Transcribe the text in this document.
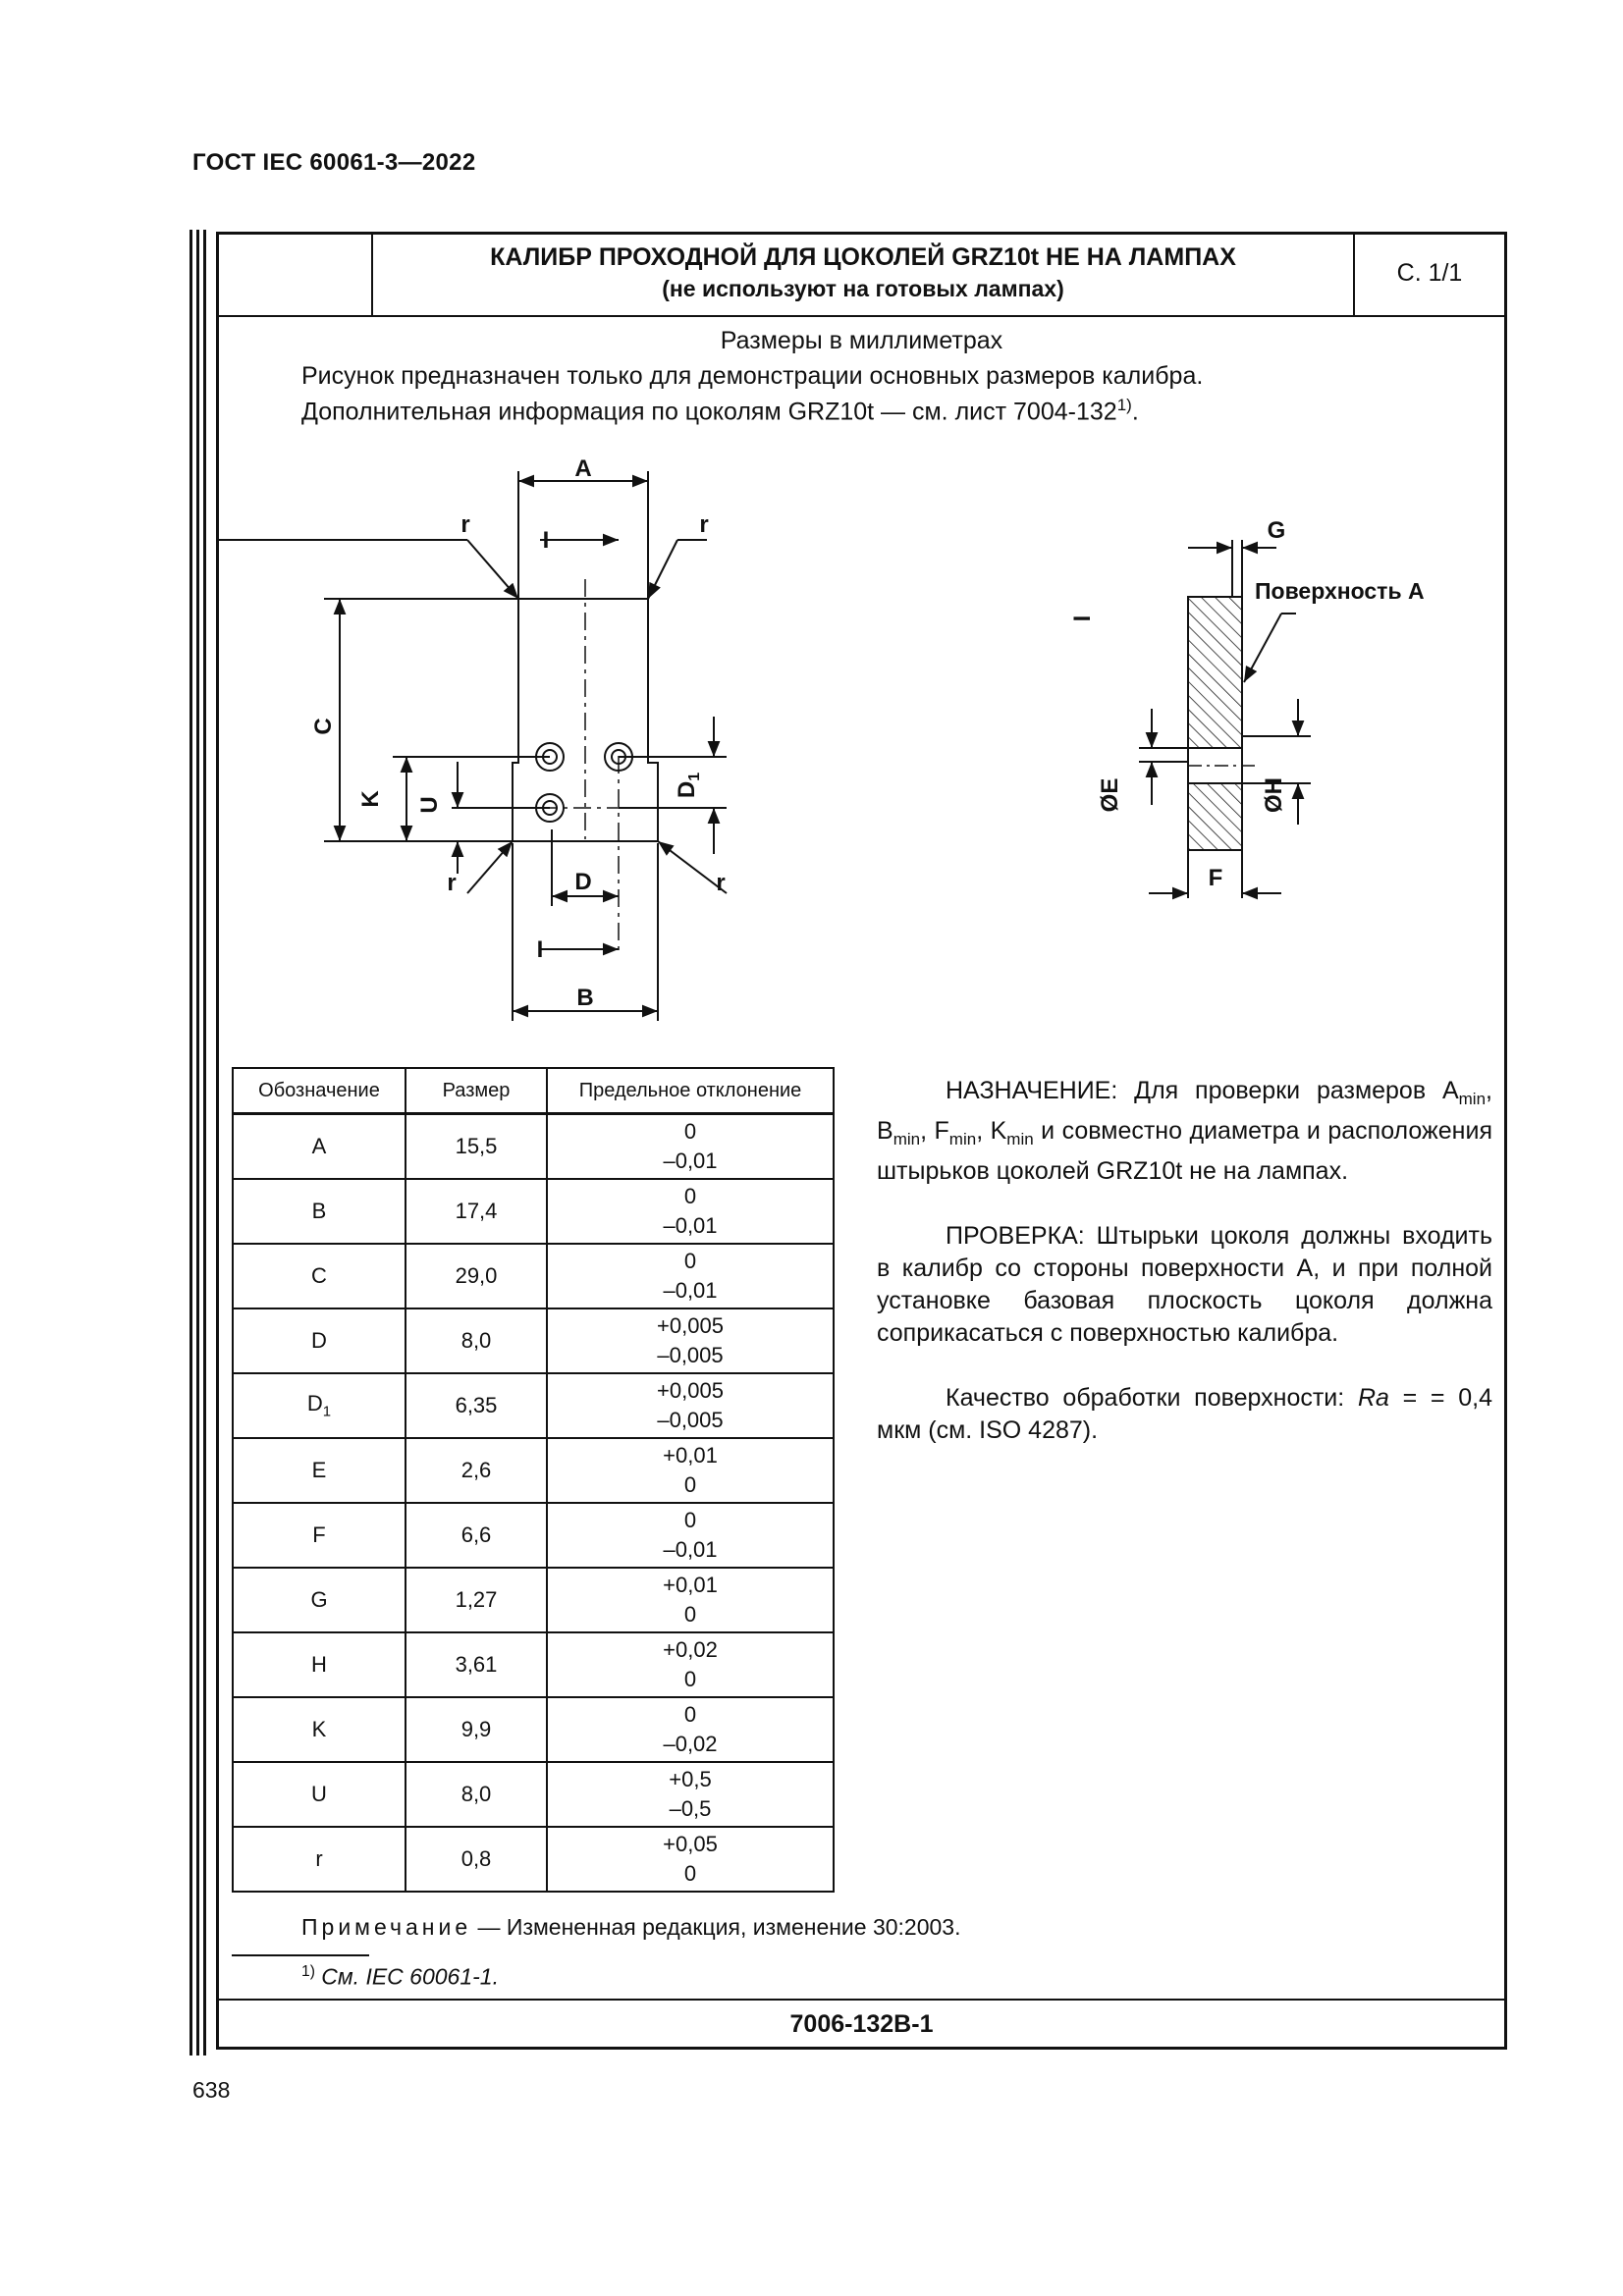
ГОСТ IEC 60061-3—2022
КАЛИБР ПРОХОДНОЙ ДЛЯ ЦОКОЛЕЙ GRZ10t НЕ НА ЛАМПАХ
(не используют на готовых лампах)
С. 1/1
Размеры в миллиметрах
Рисунок предназначен только для демонстрации основных размеров калибра.
Дополнительная информация по цоколям GRZ10t — см. лист 7004-132$^{1)}$.
A
B
C
K U
D
$D_1$
r	r
r	r
I
I
G
F
ØE	ØH
Поверхность A
I
Обозначение	Размер	Предельное отклонение
A	15,5	0
–0,01

B	17,4	0
–0,01

C	29,0	0
–0,01

D	8,0	+0,005
–0,005

$D_1$	6,35	+0,005
–0,005

E	2,6	+0,01
0

F	6,6	0
–0,01

G	1,27	+0,01
0

H	3,61	+0,02
0

K	9,9	0
–0,02

U	8,0	+0,5
–0,5

r	0,8	+0,05
0

НАЗНАЧЕНИЕ: Для проверки размеров $A_{min}$, $B_{min}$, $F_{min}$, $K_{min}$ и совместно диаметра и расположения штырьков цоколей GRZ10t не на лампах.

ПРОВЕРКА: Штырьки цоколя должны входить в калибр со стороны поверхности A, и при полной установке базовая плоскость цоколя должна соприкасаться с поверхностью калибра.

Качество обработки поверхности: Ra = = 0,4 мкм (см. ISO 4287).

Примечание — Измененная редакция, изменение 30:2003.
$^{1)}$ См. IEC 60061-1.
7006-132B-1
638
